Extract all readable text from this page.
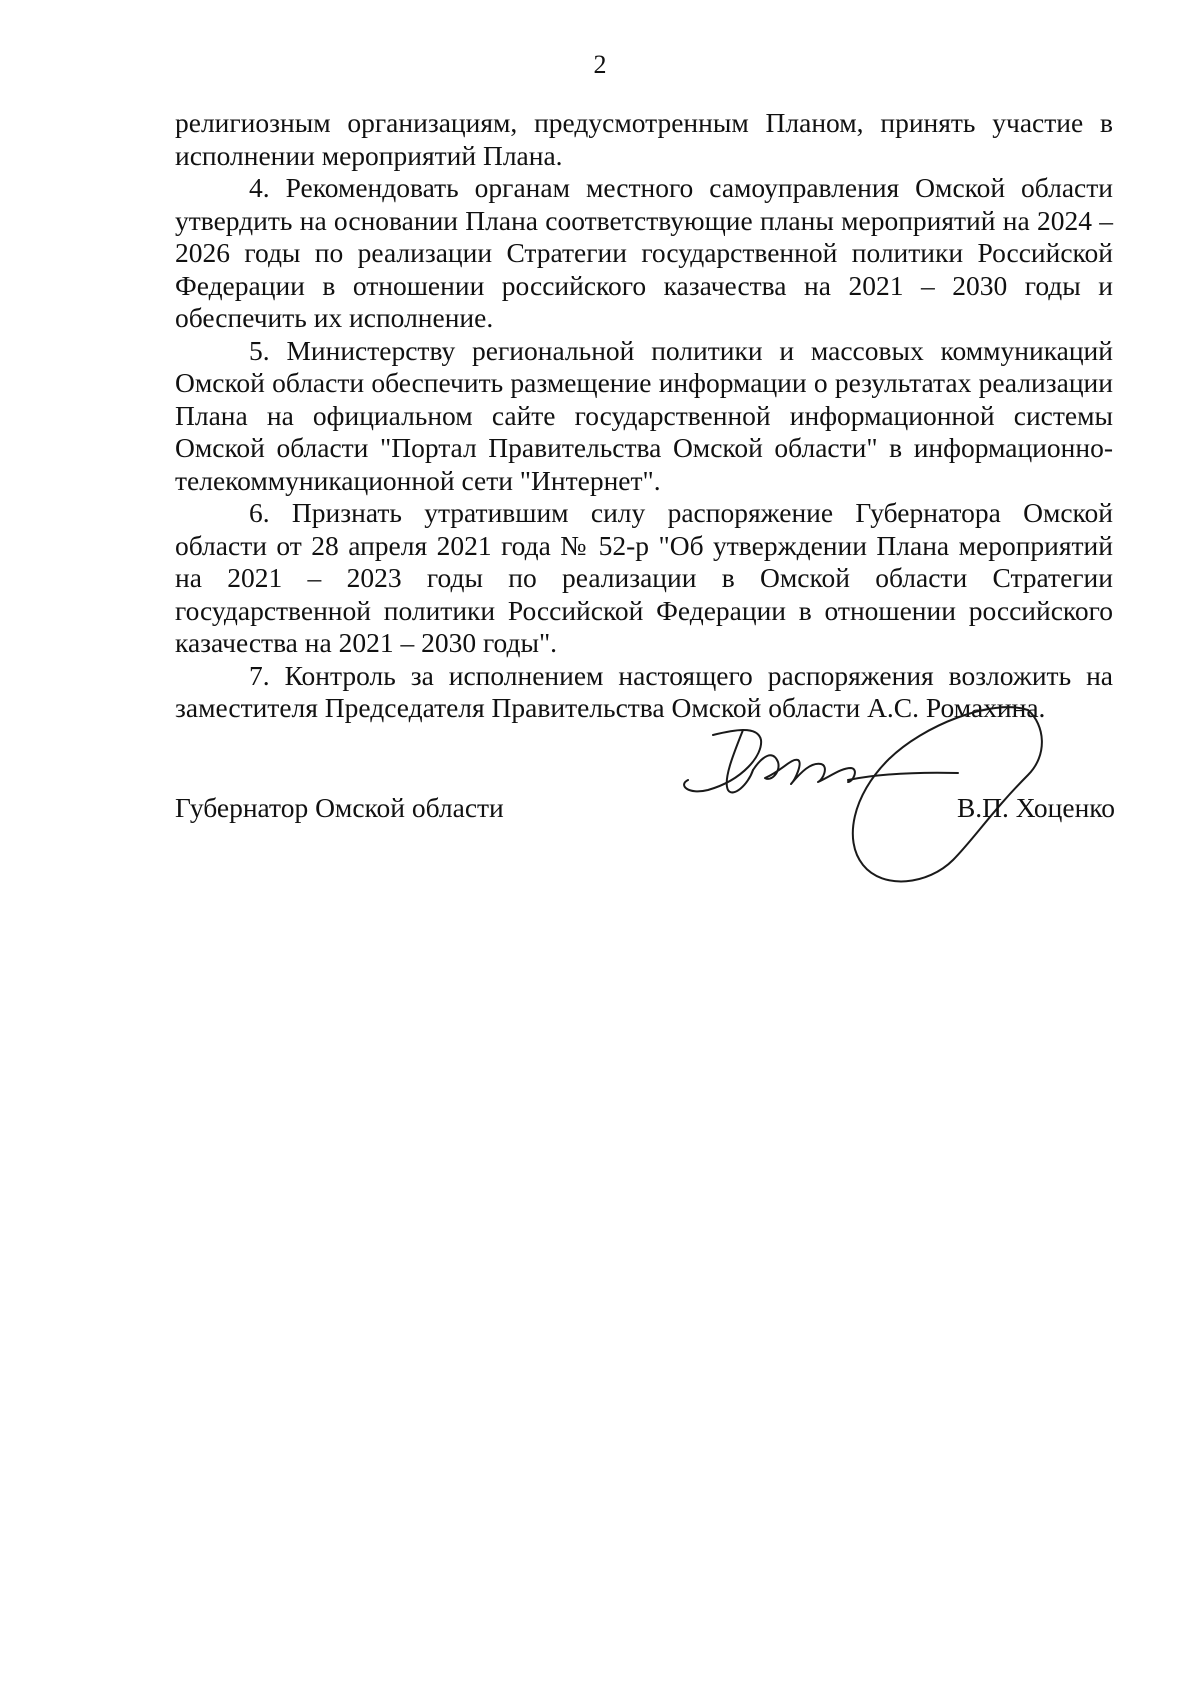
2

религиозным организациям, предусмотренным Планом, принять участие в исполнении мероприятий Плана.

4. Рекомендовать органам местного самоуправления Омской области утвердить на основании Плана соответствующие планы мероприятий на 2024 – 2026 годы по реализации Стратегии государственной политики Российской Федерации в отношении российского казачества на 2021 – 2030 годы и обеспечить их исполнение.

5. Министерству региональной политики и массовых коммуникаций Омской области обеспечить размещение информации о результатах реализации Плана на официальном сайте государственной информационной системы Омской области "Портал Правительства Омской области" в информационно-телекоммуникационной сети "Интернет".

6. Признать утратившим силу распоряжение Губернатора Омской области от 28 апреля 2021 года № 52-р "Об утверждении Плана мероприятий на 2021 – 2023 годы по реализации в Омской области Стратегии государственной политики Российской Федерации в отношении российского казачества на 2021 – 2030 годы".

7. Контроль за исполнением настоящего распоряжения возложить на заместителя Председателя Правительства Омской области А.С. Ромахина.

Губернатор Омской области	В.П. Хоценко
